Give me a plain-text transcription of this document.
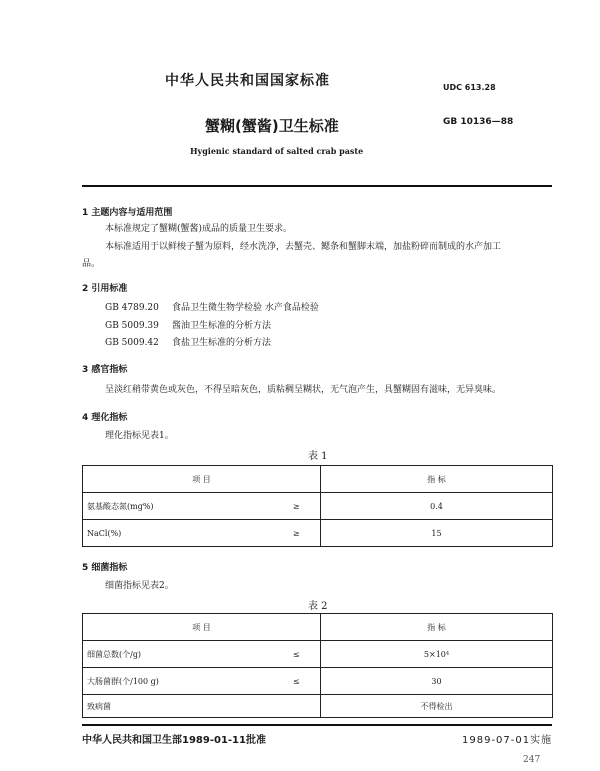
中华人民共和国国家标准	UDC 613.28
蟹糊(蟹酱)卫生标准	GB 10136—88
Hygienic standard of salted crab paste
1 主题内容与适用范围
本标准规定了蟹糊(蟹酱)成品的质量卫生要求。
本标准适用于以鲜梭子蟹为原料，经水洗净，去蟹壳、鳃条和蟹脚末端，加盐粉碎而制成的水产加工
品。
2 引用标准
GB 4789.20 食品卫生微生物学检验 水产食品检验
GB 5009.39 酱油卫生标准的分析方法
GB 5009.42 食盐卫生标准的分析方法
3 感官指标
呈淡红稍带黄色或灰色，不得呈暗灰色，质粘稠呈糊状，无气泡产生，具蟹糊固有滋味，无异臭味。
4 理化指标
理化指标见表1。
表 1
项 目		指 标
氨基酸态氮(mg%)	≥	0.4
NaCl(%)	≥	15
5 细菌指标
细菌指标见表2。
表 2
项 目		指 标
细菌总数(个/g)	≤	5×10⁴
大肠菌群(个/100 g)	≤	30
致病菌		不得检出
中华人民共和国卫生部1989-01-11批准	1989-07-01实施
247
